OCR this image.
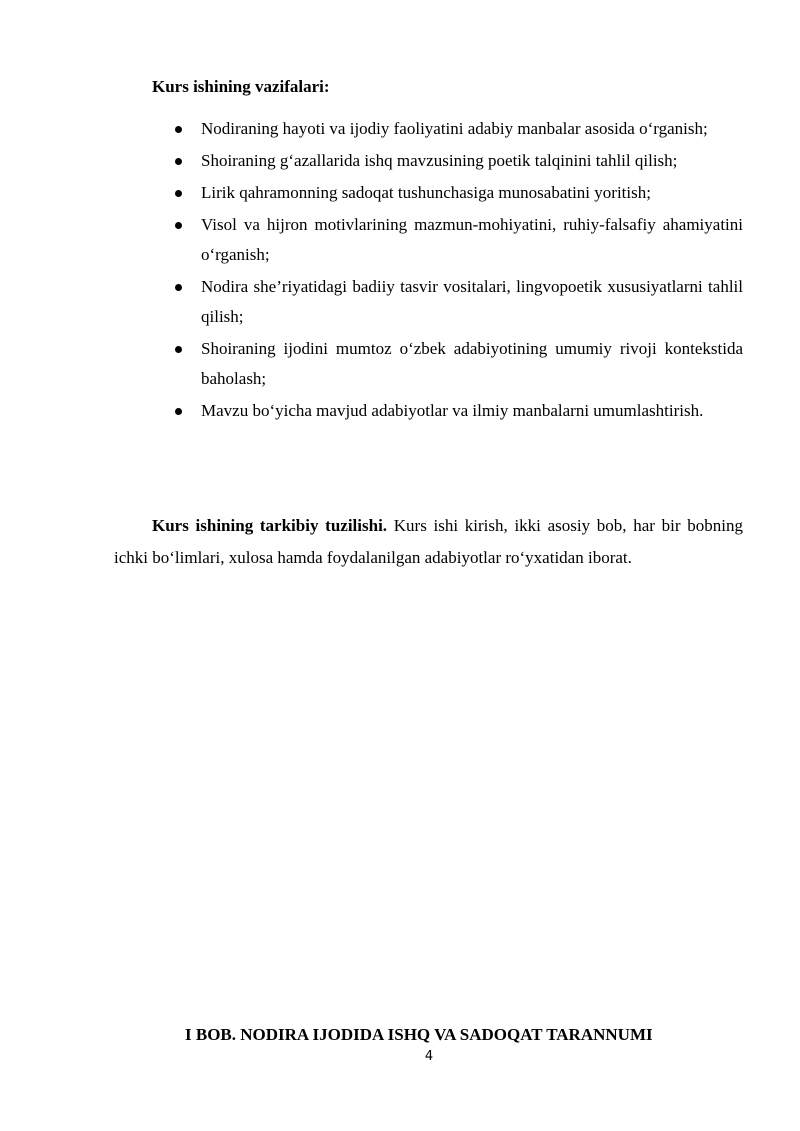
Kurs ishining vazifalari:
Nodiraning hayoti va ijodiy faoliyatini adabiy manbalar asosida o‘rganish;
Shoiraning g‘azallarida ishq mavzusining poetik talqinini tahlil qilish;
Lirik qahramonning sadoqat tushunchasiga munosabatini yoritish;
Visol va hijron motivlarining mazmun-mohiyatini, ruhiy-falsafiy ahamiyatini o‘rganish;
Nodira she’riyatidagi badiiy tasvir vositalari, lingvopoetik xususiyatlarni tahlil qilish;
Shoiraning ijodini mumtoz o‘zbek adabiyotining umumiy rivoji kontekstida baholash;
Mavzu bo‘yicha mavjud adabiyotlar va ilmiy manbalarni umumlashtirish.

Kurs ishining tarkibiy tuzilishi. Kurs ishi kirish, ikki asosiy bob, har bir bobning ichki bo‘limlari, xulosa hamda foydalanilgan adabiyotlar ro‘yxatidan iborat.

I BOB. NODIRA IJODIDA ISHQ VA SADOQAT TARANNUMI
4
